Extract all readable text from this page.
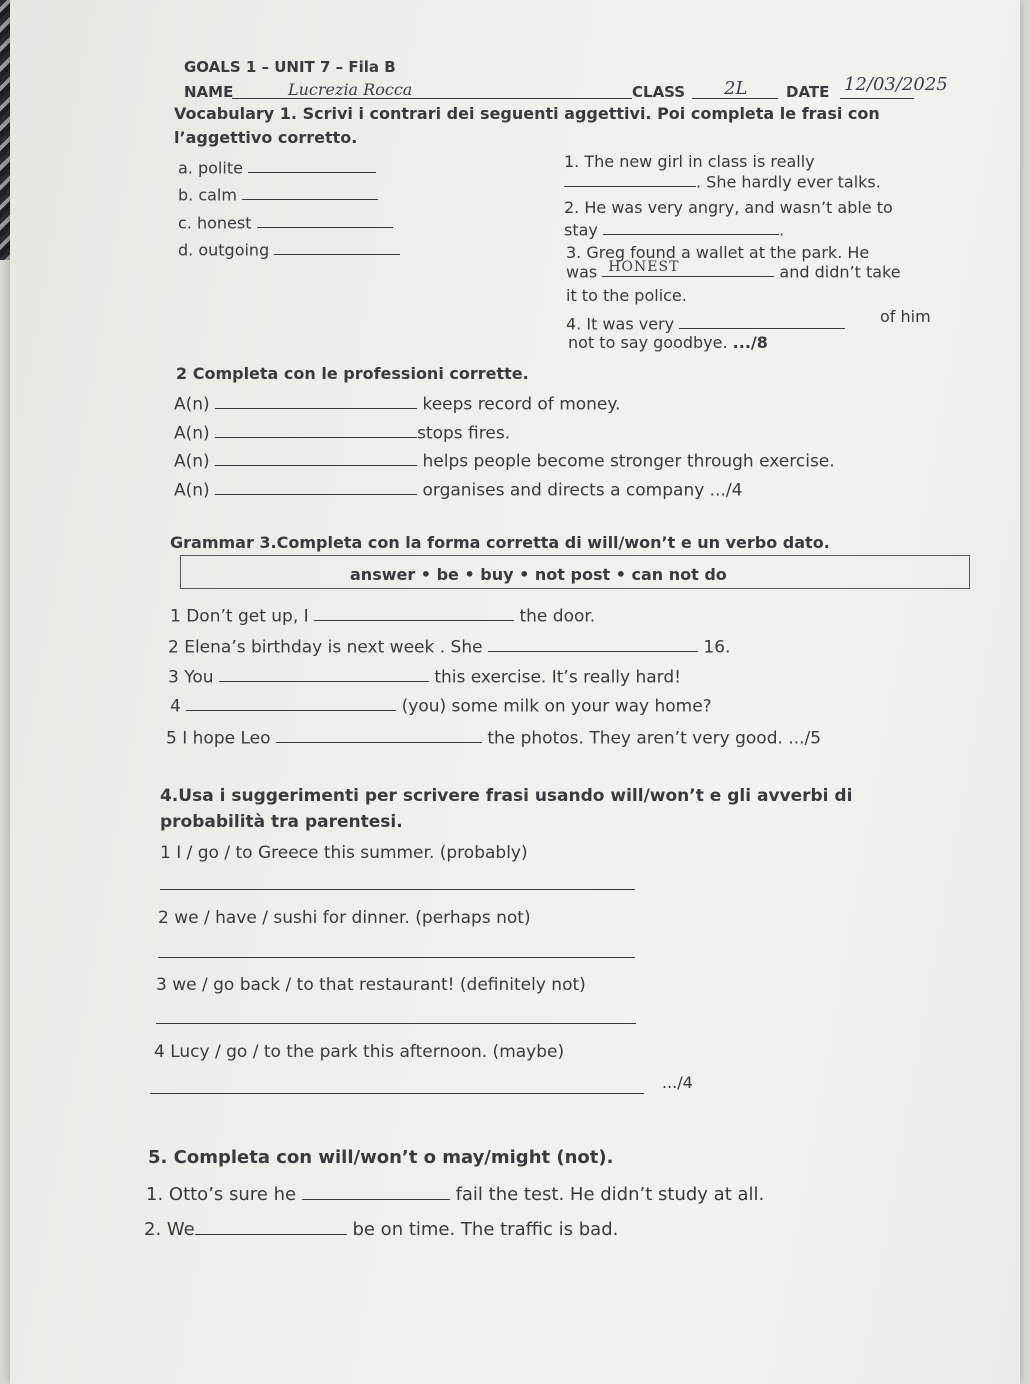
GOALS 1 – UNIT 7 – Fila B
NAME	Lucrezia Rocca	CLASS 2L	DATE 12/03/2025
Vocabulary 1. Scrivi i contrari dei seguenti aggettivi. Poi completa le frasi con
l’aggettivo corretto.
a. polite
b. calm
c. honest
d. outgoing
1. The new girl in class is really
. She hardly ever talks.
2. He was very angry, and wasn’t able to
stay	.
3. Greg found a wallet at the park. He
was HONEST	and didn’t take
it to the police.
4. It was very	of him
not to say goodbye. .../8
2 Completa con le professioni corrette.
A(n)	keeps record of money.
A(n)	stops fires.
A(n)	helps people become stronger through exercise.
A(n)	organises and directs a company .../4
Grammar 3.Completa con la forma corretta di will/won’t e un verbo dato.
answer • be • buy • not post • can not do
1 Don’t get up, I	the door.
2 Elena’s birthday is next week . She	16.
3 You	this exercise. It’s really hard!
4	(you) some milk on your way home?
5 I hope Leo	the photos. They aren’t very good. .../5
4.Usa i suggerimenti per scrivere frasi usando will/won’t e gli avverbi di
probabilità tra parentesi.
1 I / go / to Greece this summer. (probably)
2 we / have / sushi for dinner. (perhaps not)
3 we / go back / to that restaurant! (definitely not)
4 Lucy / go / to the park this afternoon. (maybe)
.../4
5. Completa con will/won’t o may/might (not).
1. Otto’s sure he	fail the test. He didn’t study at all.
2. We	be on time. The traffic is bad.
